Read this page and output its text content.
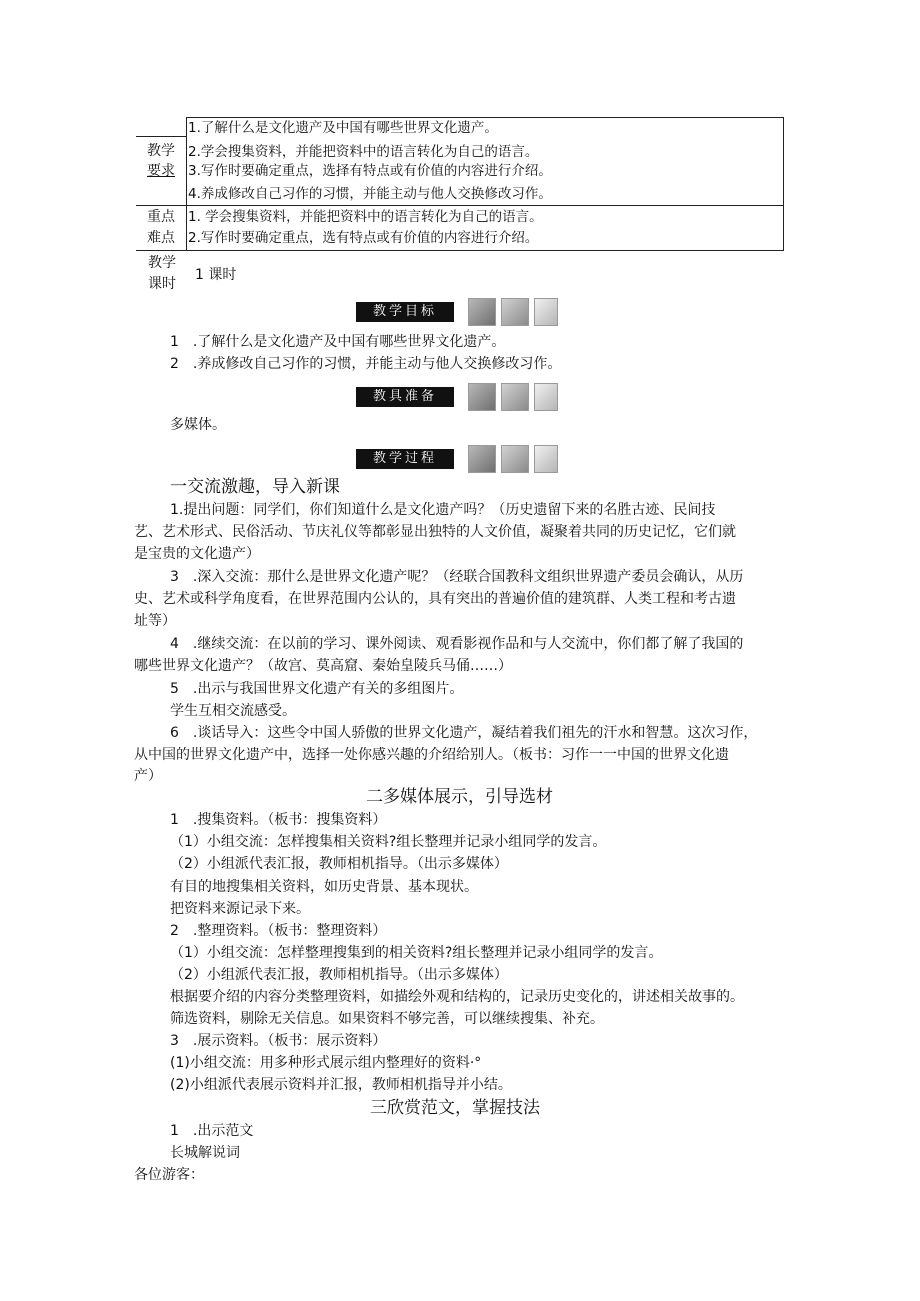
教学
要求
1.了解什么是文化遗产及中国有哪些世界文化遗产。
2.学会搜集资料，并能把资料中的语言转化为自己的语言。
3.写作时要确定重点，选择有特点或有价值的内容进行介绍。
4.养成修改自己习作的习惯，并能主动与他人交换修改习作。
重点
难点
1. 学会搜集资料，并能把资料中的语言转化为自己的语言。
2.写作时要确定重点，选有特点或有价值的内容进行介绍。
教学
课时
1 课时
教学目标
1　.了解什么是文化遗产及中国有哪些世界文化遗产。
2　.养成修改自己习作的习惯，并能主动与他人交换修改习作。
教具准备
多媒体。
教学过程
一交流激趣，导入新课
1.提出问题：同学们，你们知道什么是文化遗产吗？（历史遗留下来的名胜古迹、民间技
艺、艺术形式、民俗活动、节庆礼仪等都彰显出独特的人文价值，凝聚着共同的历史记忆，它们就
是宝贵的文化遗产）
3　.深入交流：那什么是世界文化遗产呢？（经联合国教科文组织世界遗产委员会确认，从历
史、艺术或科学角度看，在世界范围内公认的，具有突出的普遍价值的建筑群、人类工程和考古遗
址等）
4　.继续交流：在以前的学习、课外阅读、观看影视作品和与人交流中，你们都了解了我国的
哪些世界文化遗产？（故宫、莫高窟、秦始皇陵兵马俑……）
5　.出示与我国世界文化遗产有关的多组图片。
学生互相交流感受。
6　.谈话导入：这些令中国人骄傲的世界文化遗产，凝结着我们祖先的汗水和智慧。这次习作，
从中国的世界文化遗产中，选择一处你感兴趣的介绍给别人。（板书：习作一一中国的世界文化遗
产）
二多媒体展示，引导选材
1　.搜集资料。（板书：搜集资料）
（1）小组交流：怎样搜集相关资料?组长整理并记录小组同学的发言。
（2）小组派代表汇报，教师相机指导。（出示多媒体）
有目的地搜集相关资料，如历史背景、基本现状。
把资料来源记录下来。
2　.整理资料。（板书：整理资料）
（1）小组交流：怎样整理搜集到的相关资料?组长整理并记录小组同学的发言。
（2）小组派代表汇报，教师相机指导。（出示多媒体）
根据要介绍的内容分类整理资料，如描绘外观和结构的，记录历史变化的，讲述相关故事的。
筛选资料，剔除无关信息。如果资料不够完善，可以继续搜集、补充。
3　.展示资料。（板书：展示资料）
(1)小组交流：用多种形式展示组内整理好的资料·°
(2)小组派代表展示资料并汇报，教师相机指导并小结。
三欣赏范文，掌握技法
1　.出示范文
长城解说词
各位游客：
